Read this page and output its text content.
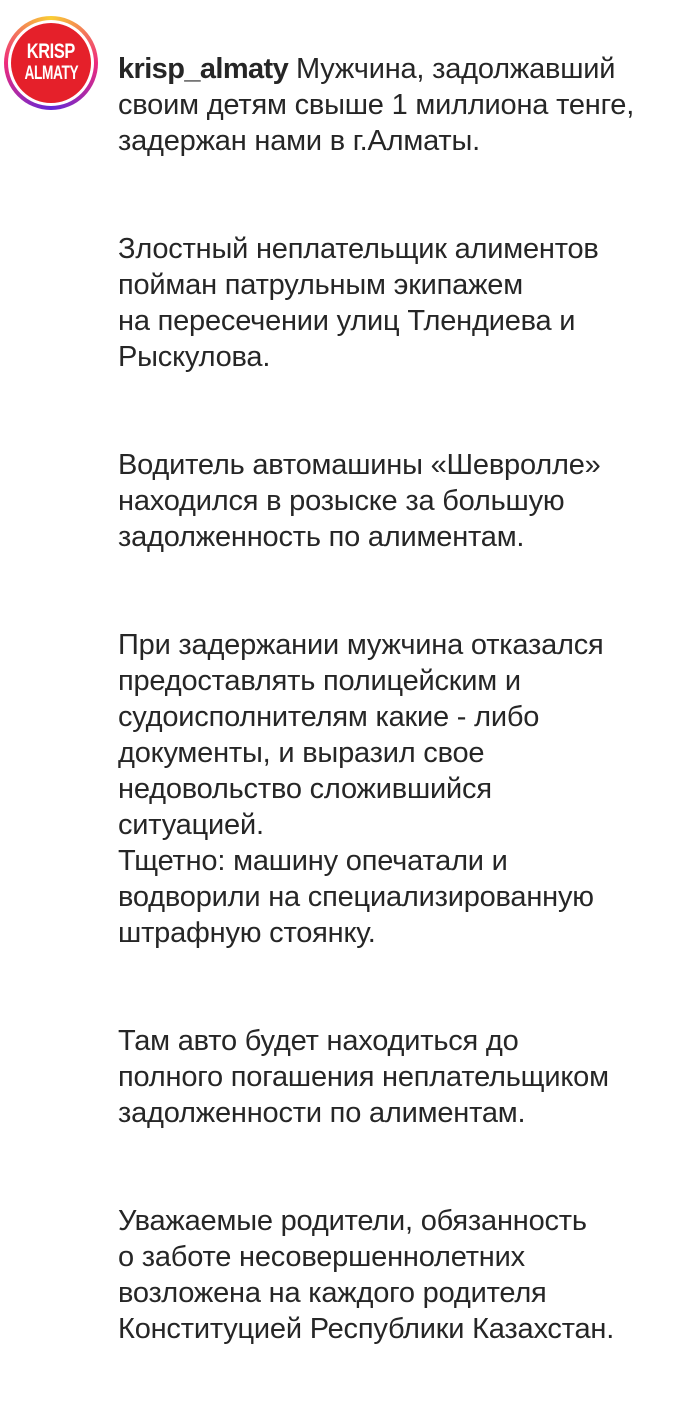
KRISP
ALMATY krisp_almaty Мужчина, задолжавший
своим детям свыше 1 миллиона тенге,
задержан нами в г.Алматы.

Злостный неплательщик алиментов
пойман патрульным экипажем
на пересечении улиц Тлендиева и
Рыскулова.

Водитель автомашины «Шевролле»
находился в розыске за большую
задолженность по алиментам.

При задержании мужчина отказался
предоставлять полицейским и
судоисполнителям какие - либо
документы, и выразил свое
недовольство сложившийся
ситуацией.
Тщетно: машину опечатали и
водворили на специализированную
штрафную стоянку.

Там авто будет находиться до
полного погашения неплательщиком
задолженности по алиментам.

Уважаемые родители, обязанность
о заботе несовершеннолетних
возложена на каждого родителя
Конституцией Республики Казахстан.
